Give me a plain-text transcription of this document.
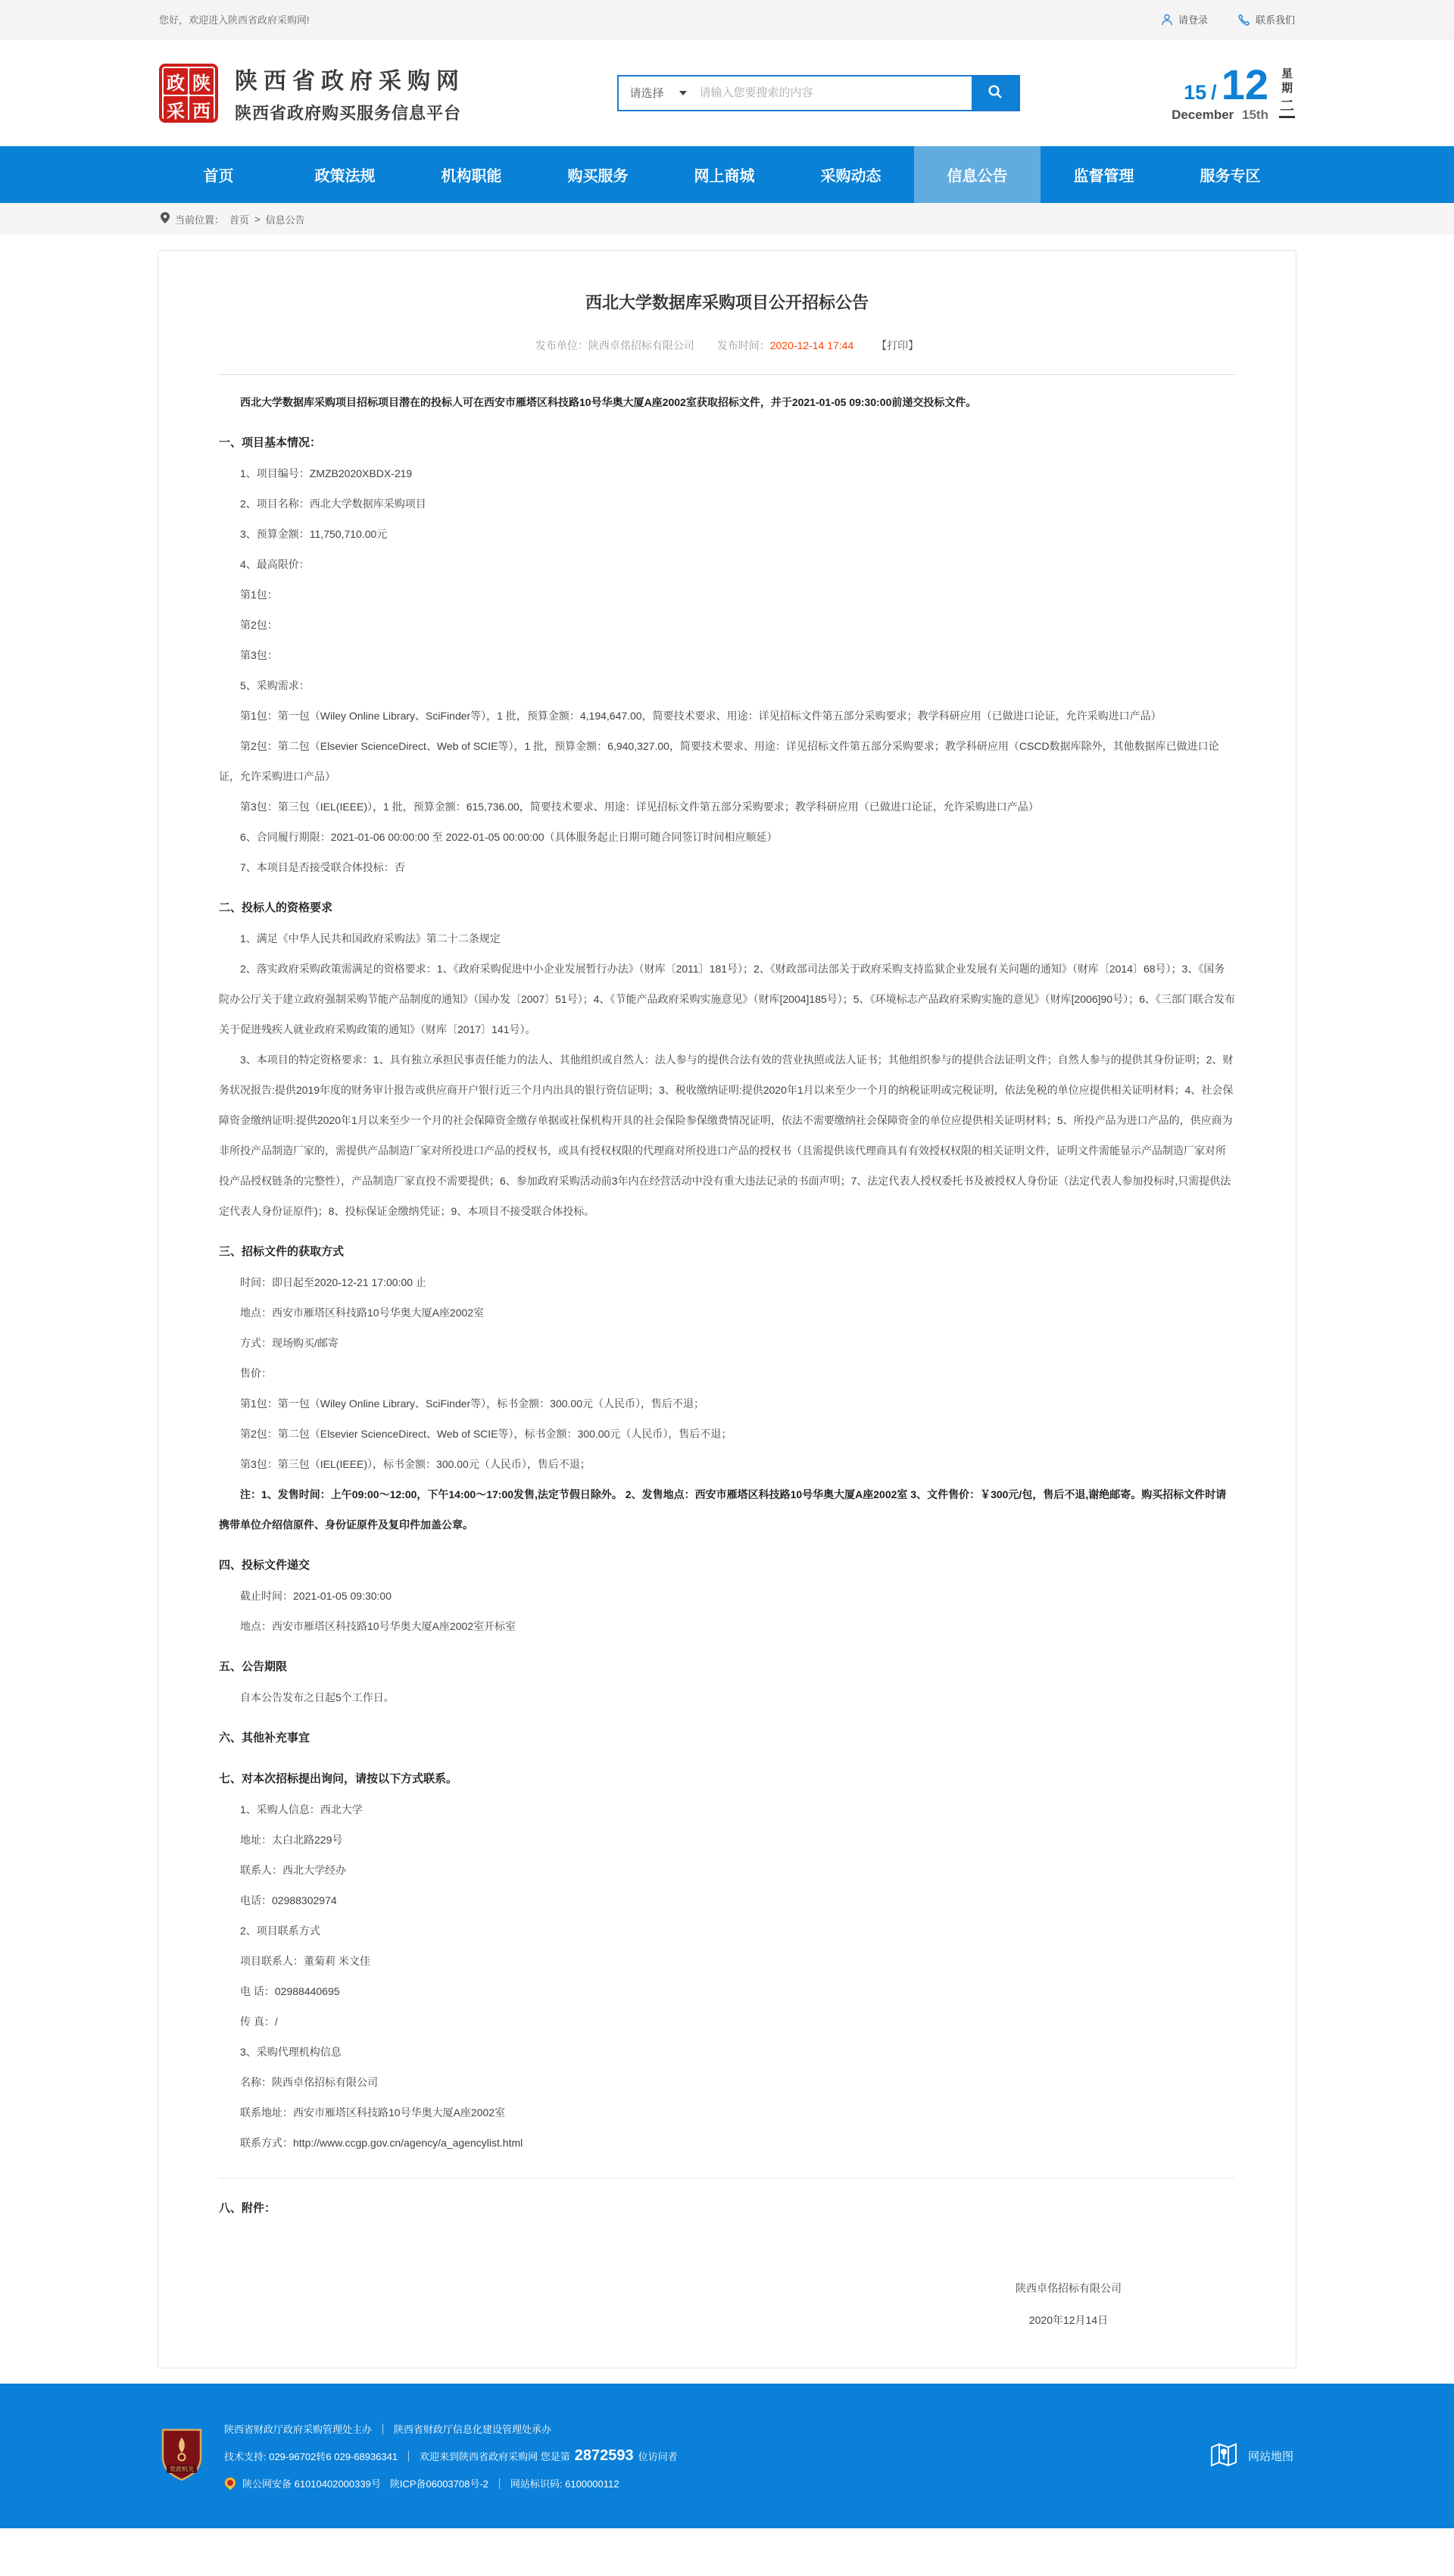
您好，欢迎进入陕西省政府采购网!	请登录	联系我们
政 陕
采 西
陕西省政府采购网
陕西省政府购买服务信息平台
请选择
请输入您要搜索的内容	15 / 12
December 15th
星期
二
首页	政策法规	机构职能	购买服务	网上商城	采购动态	信息公告	监督管理	服务专区
当前位置： 首页 > 信息公告
西北大学数据库采购项目公开招标公告
发布单位：陕西卓佲招标有限公司 发布时间：2020-12-14 17:44 【打印】
西北大学数据库采购项目招标项目潜在的投标人可在西安市雁塔区科技路10号华奥大厦A座2002室获取招标文件，并于2021-01-05 09:30:00前递交投标文件。
一、项目基本情况：
1、项目编号：ZMZB2020XBDX-219
2、项目名称：西北大学数据库采购项目
3、预算金额：11,750,710.00元
4、最高限价：
第1包：
第2包：
第3包：
5、采购需求：
第1包：第一包（Wiley Online Library、SciFinder等），1 批，预算金额：4,194,647.00，简要技术要求、用途：详见招标文件第五部分采购要求；教学科研应用（已做进口论证，允许采购进口产品）
第2包：第二包（Elsevier ScienceDirect、Web of SCIE等），1 批，预算金额：6,940,327.00，简要技术要求、用途：详见招标文件第五部分采购要求；教学科研应用（CSCD数据库除外，其他数据库已做进口论证，允许采购进口产品）
第3包：第三包（IEL(IEEE)），1 批，预算金额：615,736.00，简要技术要求、用途：详见招标文件第五部分采购要求；教学科研应用（已做进口论证，允许采购进口产品）
6、合同履行期限：2021-01-06 00:00:00 至 2022-01-05 00:00:00（具体服务起止日期可随合同签订时间相应顺延）
7、本项目是否接受联合体投标：否
二、投标人的资格要求
1、满足《中华人民共和国政府采购法》第二十二条规定
2、落实政府采购政策需满足的资格要求：1、《政府采购促进中小企业发展暂行办法》（财库〔2011〕181号）；2、《财政部司法部关于政府采购支持监狱企业发展有关问题的通知》（财库〔2014〕68号）；3、《国务院办公厅关于建立政府强制采购节能产品制度的通知》（国办发〔2007〕51号）；4、《节能产品政府采购实施意见》（财库[2004]185号）；5、《环境标志产品政府采购实施的意见》（财库[2006]90号）；6、《三部门联合发布关于促进残疾人就业政府采购政策的通知》（财库〔2017〕141号）。
3、本项目的特定资格要求：1、具有独立承担民事责任能力的法人、其他组织或自然人：法人参与的提供合法有效的营业执照或法人证书；其他组织参与的提供合法证明文件；自然人参与的提供其身份证明；2、财务状况报告:提供2019年度的财务审计报告或供应商开户银行近三个月内出具的银行资信证明；3、税收缴纳证明:提供2020年1月以来至少一个月的纳税证明或完税证明，依法免税的单位应提供相关证明材料；4、社会保障资金缴纳证明:提供2020年1月以来至少一个月的社会保障资金缴存单据或社保机构开具的社会保险参保缴费情况证明，依法不需要缴纳社会保障资金的单位应提供相关证明材料；5、所投产品为进口产品的，供应商为非所投产品制造厂家的，需提供产品制造厂家对所投进口产品的授权书，或具有授权权限的代理商对所投进口产品的授权书（且需提供该代理商具有有效授权权限的相关证明文件，证明文件需能显示产品制造厂家对所投产品授权链条的完整性），产品制造厂家直投不需要提供；6、参加政府采购活动前3年内在经营活动中没有重大违法记录的书面声明；7、法定代表人授权委托书及被授权人身份证（法定代表人参加投标时,只需提供法定代表人身份证原件)；8、投标保证金缴纳凭证；9、本项目不接受联合体投标。
三、招标文件的获取方式
时间：即日起至2020-12-21 17:00:00 止
地点：西安市雁塔区科技路10号华奥大厦A座2002室
方式：现场购买/邮寄
售价：
第1包：第一包（Wiley Online Library、SciFinder等），标书金额：300.00元（人民币），售后不退；
第2包：第二包（Elsevier ScienceDirect、Web of SCIE等），标书金额：300.00元（人民币），售后不退；
第3包：第三包（IEL(IEEE)），标书金额：300.00元（人民币），售后不退；
注：1、发售时间：上午09:00～12:00，下午14:00～17:00发售,法定节假日除外。 2、发售地点：西安市雁塔区科技路10号华奥大厦A座2002室 3、文件售价：￥300元/包，售后不退,谢绝邮寄。购买招标文件时请携带单位介绍信原件、身份证原件及复印件加盖公章。
四、投标文件递交
截止时间：2021-01-05 09:30:00
地点：西安市雁塔区科技路10号华奥大厦A座2002室开标室
五、公告期限
自本公告发布之日起5个工作日。
六、其他补充事宜
七、对本次招标提出询问，请按以下方式联系。
1、采购人信息：西北大学
地址：太白北路229号
联系人：西北大学经办
电话：02988302974
2、项目联系方式
项目联系人：董菊莉 米文佳
电 话：02988440695
传 真：/
3、采购代理机构信息
名称：陕西卓佲招标有限公司
联系地址：西安市雁塔区科技路10号华奥大厦A座2002室
联系方式：http://www.ccgp.gov.cn/agency/a_agencylist.html
八、附件：
陕西卓佲招标有限公司
2020年12月14日
党政机关
陕西省财政厅政府采购管理处主办 陕西省财政厅信息化建设管理处承办
技术支持: 029-96702转6 029-68936341 欢迎来到陕西省政府采购网 您是第 2872593 位访问者
陕公网安备 61010402000339号 陕ICP备06003708号-2 网站标识码: 6100000112
网站地图
